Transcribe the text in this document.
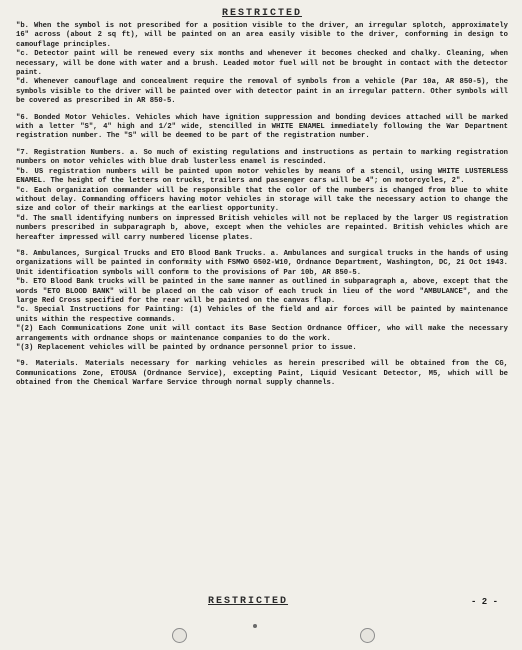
RESTRICTED

"b. When the symbol is not prescribed for a position visible to the driver, an irregular splotch, approximately 16" across (about 2 sq ft), will be painted on an area easily visible to the driver, conforming in design to camouflage principles.

"c. Detector paint will be renewed every six months and whenever it becomes checked and chalky. Cleaning, when necessary, will be done with water and a brush. Leaded motor fuel will not be brought in contact with the detector paint.

"d. Whenever camouflage and concealment require the removal of symbols from a vehicle (Par 10a, AR 850-5), the symbols visible to the driver will be painted over with detector paint in an irregular pattern. Other symbols will be covered as prescribed in AR 850-5.

"6. Bonded Motor Vehicles. Vehicles which have ignition suppression and bonding devices attached will be marked with a letter "S", 4" high and 1/2" wide, stencilled in WHITE ENAMEL immediately following the War Department registration number. The "S" will be deemed to be part of the registration number.

"7. Registration Numbers. a. So much of existing regulations and instructions as pertain to marking registration numbers on motor vehicles with blue drab lusterless enamel is rescinded.

"b. US registration numbers will be painted upon motor vehicles by means of a stencil, using WHITE LUSTERLESS ENAMEL. The height of the letters on trucks, trailers and passenger cars will be 4"; on motorcycles, 2".

"c. Each organization commander will be responsible that the color of the numbers is changed from blue to white without delay. Commanding officers having motor vehicles in storage will take the necessary action to change the size and color of their markings at the earliest opportunity.

"d. The small identifying numbers on impressed British vehicles will not be replaced by the larger US registration numbers prescribed in subparagraph b, above, except when the vehicles are repainted. British vehicles which are hereafter impressed will carry numbered license plates.

"8. Ambulances, Surgical Trucks and ETO Blood Bank Trucks. a. Ambulances and surgical trucks in the hands of using organizations will be painted in conformity with FSMWO G502-W10, Ordnance Department, Washington, DC, 21 Oct 1943. Unit identification symbols will conform to the provisions of Par 10b, AR 850-5.

"b. ETO Blood Bank trucks will be painted in the same manner as outlined in subparagraph a, above, except that the words "ETO BLOOD BANK" will be placed on the cab visor of each truck in lieu of the word "AMBULANCE", and the large Red Cross specified for the rear will be painted on the canvas flap.

"c. Special Instructions for Painting: (1) Vehicles of the field and air forces will be painted by maintenance units within the respective commands.

"(2) Each Communications Zone unit will contact its Base Section Ordnance Officer, who will make the necessary arrangements with ordnance shops or maintenance companies to do the work.

"(3) Replacement vehicles will be painted by ordnance personnel prior to issue.

"9. Materials. Materials necessary for marking vehicles as herein prescribed will be obtained from the CG, Communications Zone, ETOUSA (Ordnance Service), excepting Paint, Liquid Vesicant Detector, M5, which will be obtained from the Chemical Warfare Service through normal supply channels.

RESTRICTED	- 2 -
